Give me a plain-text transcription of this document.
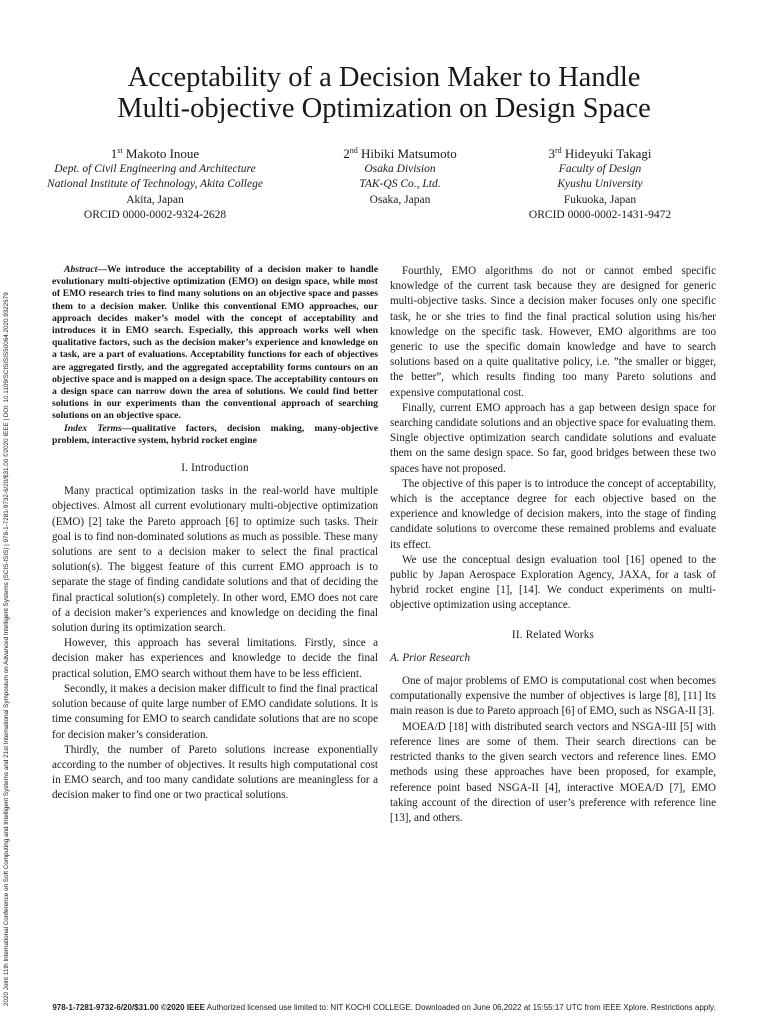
2020 Joint 11th International Conference on Soft Computing and Intelligent Systems and 21st International Symposium on Advanced Intelligent Systems (SCIS-ISIS) | 978-1-7281-9732-6/20/$31.00 ©2020 IEEE | DOI: 10.1109/SCISISIS50064.2020.9322679
Acceptability of a Decision Maker to Handle
Multi-objective Optimization on Design Space
1st Makoto Inoue
Dept. of Civil Engineering and Architecture
National Institute of Technology, Akita College
Akita, Japan
ORCID 0000-0002-9324-2628
2nd Hibiki Matsumoto
Osaka Division
TAK-QS Co., Ltd.
Osaka, Japan
3rd Hideyuki Takagi
Faculty of Design
Kyushu University
Fukuoka, Japan
ORCID 0000-0002-1431-9472

Abstract—We introduce the acceptability of a decision maker to handle evolutionary multi-objective optimization (EMO) on design space, while most of EMO research tries to find many solutions on an objective space and passes them to a decision maker. Unlike this conventional EMO approaches, our approach decides maker’s model with the concept of acceptability and introduces it in EMO search. Especially, this approach works well when qualitative factors, such as the decision maker’s experience and knowledge on a task, are a part of evaluations. Acceptability functions for each of objectives are aggregated firstly, and the aggregated acceptability forms contours on an objective space and is mapped on a design space. The acceptability contours on a design space can narrow down the area of solutions. We could find better solutions in our experiments than the conventional approach of searching solutions on an objective space.

Index Terms—qualitative factors, decision making, many-objective problem, interactive system, hybrid rocket engine

I. Introduction

Many practical optimization tasks in the real-world have multiple objectives. Almost all current evolutionary multi-objective optimization (EMO) [2] take the Pareto approach [6] to optimize such tasks. Their goal is to find non-dominated solutions as much as possible. These many solutions are sent to a decision maker to select the final practical solution(s). The biggest feature of this current EMO approach is to separate the stage of finding candidate solutions and that of deciding the final practical solution(s) completely. In other word, EMO does not care of a decision maker’s experiences and knowledge on deciding the final solution during its optimization search.

However, this approach has several limitations. Firstly, since a decision maker has experiences and knowledge to decide the final practical solution, EMO search without them have to be less efficient.

Secondly, it makes a decision maker difficult to find the final practical solution because of quite large number of EMO candidate solutions. It is time consuming for EMO to search candidate solutions that are no scope for decision maker’s consideration.

Thirdly, the number of Pareto solutions increase exponentially according to the number of objectives. It results high computational cost in EMO search, and too many candidate solutions are meaningless for a decision maker to find one or two practical solutions.

Fourthly, EMO algorithms do not or cannot embed specific knowledge of the current task because they are designed for generic multi-objective tasks. Since a decision maker focuses only one specific task, he or she tries to find the final practical solution using his/her knowledge on the specific task. However, EMO algorithms are too generic to use the specific domain knowledge and have to search solutions based on a quite qualitative policy, i.e. ”the smaller or bigger, the better”, which results finding too many Pareto solutions and expensive computational cost.

Finally, current EMO approach has a gap between design space for searching candidate solutions and an objective space for evaluating them. Single objective optimization search candidate solutions and evaluate them on the same design space. So far, good bridges between these two spaces have not proposed.

The objective of this paper is to introduce the concept of acceptability, which is the acceptance degree for each objective based on the experience and knowledge of decision makers, into the stage of finding candidate solutions to overcome these remained problems and evaluate its effect.

We use the conceptual design evaluation tool [16] opened to the public by Japan Aerospace Exploration Agency, JAXA, for a task of hybrid rocket engine [1], [14]. We conduct experiments on multi-objective optimization using acceptance.

II. Related Works
A. Prior Research

One of major problems of EMO is computational cost when becomes computationally expensive the number of objectives is large [8], [11] Its main reason is due to Pareto approach [6] of EMO, such as NSGA-II [3].

MOEA/D [18] with distributed search vectors and NSGA-III [5] with reference lines are some of them. Their search directions can be restricted thanks to the given search vectors and reference lines. EMO methods using these approaches have been proposed, for example, reference point based NSGA-II [4], interactive MOEA/D [7], EMO taking account of the direction of user’s preference with reference line [13], and others.

978-1-7281-9732-6/20/$31.00 ©2020 IEEE Authorized licensed use limited to: NIT KOCHI COLLEGE. Downloaded on June 06,2022 at 15:55:17 UTC from IEEE Xplore. Restrictions apply.
